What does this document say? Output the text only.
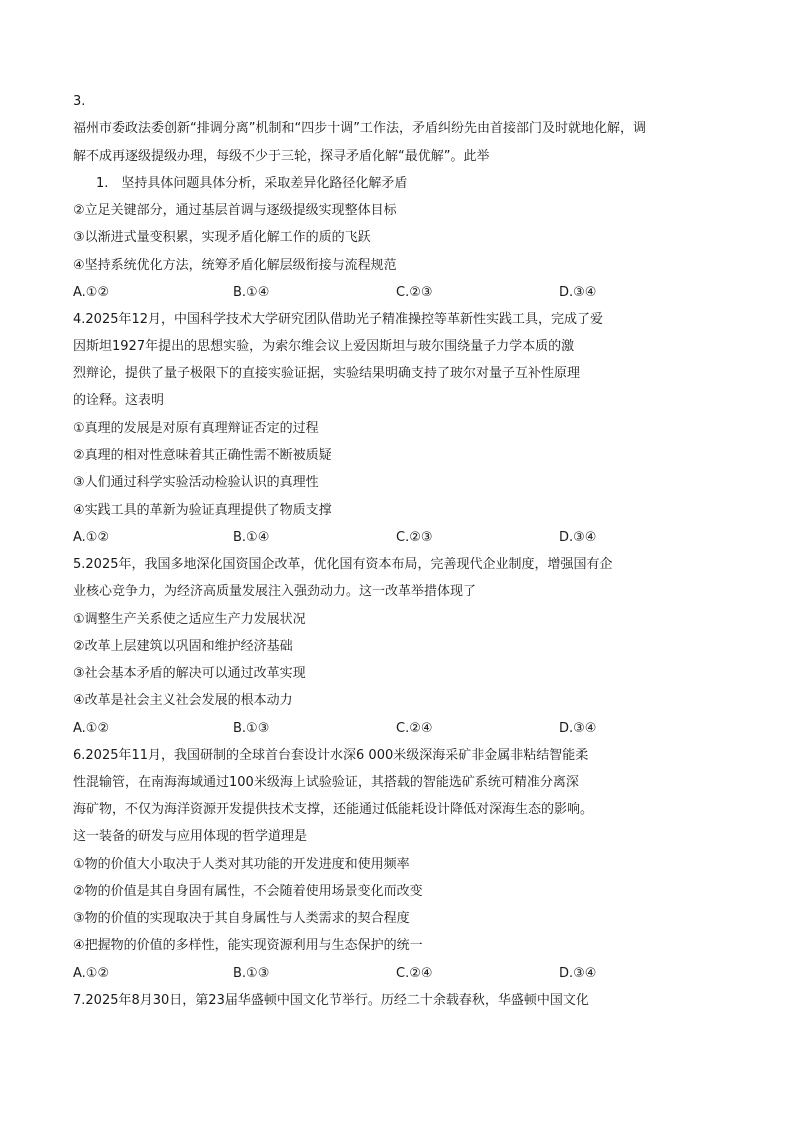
3.
福州市委政法委创新“排调分离”机制和“四步十调”工作法，矛盾纠纷先由首接部门及时就地化解，调
解不成再逐级提级办理，每级不少于三轮，探寻矛盾化解“最优解”。此举
1.　坚持具体问题具体分析，采取差异化路径化解矛盾
②立足关键部分，通过基层首调与逐级提级实现整体目标
③以渐进式量变积累，实现矛盾化解工作的质的飞跃
④坚持系统优化方法，统筹矛盾化解层级衔接与流程规范
A.①②	B.①④	C.②③	D.③④
4.2025年12月，中国科学技术大学研究团队借助光子精准操控等革新性实践工具，完成了爱
因斯坦1927年提出的思想实验，为索尔维会议上爱因斯坦与玻尔围绕量子力学本质的激
烈辩论，提供了量子极限下的直接实验证据，实验结果明确支持了玻尔对量子互补性原理
的诠释。这表明
①真理的发展是对原有真理辩证否定的过程
②真理的相对性意味着其正确性需不断被质疑
③人们通过科学实验活动检验认识的真理性
④实践工具的革新为验证真理提供了物质支撑
A.①②	B.①④	C.②③	D.③④
5.2025年，我国多地深化国资国企改革，优化国有资本布局，完善现代企业制度，增强国有企
业核心竞争力，为经济高质量发展注入强劲动力。这一改革举措体现了
①调整生产关系使之适应生产力发展状况
②改革上层建筑以巩固和维护经济基础
③社会基本矛盾的解决可以通过改革实现
④改革是社会主义社会发展的根本动力
A.①②	B.①③	C.②④	D.③④
6.2025年11月，我国研制的全球首台套设计水深6 000米级深海采矿非金属非粘结智能柔
性混输管，在南海海域通过100米级海上试验验证，其搭载的智能选矿系统可精准分离深
海矿物，不仅为海洋资源开发提供技术支撑，还能通过低能耗设计降低对深海生态的影响。
这一装备的研发与应用体现的哲学道理是
①物的价值大小取决于人类对其功能的开发进度和使用频率
②物的价值是其自身固有属性，不会随着使用场景变化而改变
③物的价值的实现取决于其自身属性与人类需求的契合程度
④把握物的价值的多样性，能实现资源利用与生态保护的统一
A.①②	B.①③	C.②④	D.③④
7.2025年8月30日，第23届华盛顿中国文化节举行。历经二十余载春秋，华盛顿中国文化
